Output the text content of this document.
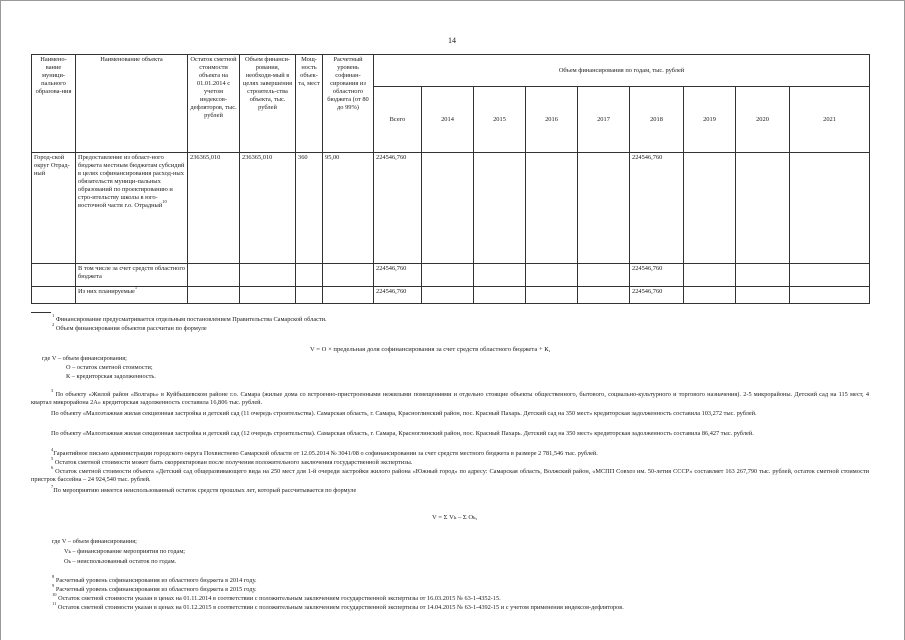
14
Наимено-вание муници-пального образова-ния	Наименование объекта	Остаток сметной стоимости объекта на 01.01.2014 с учетом индексов-дефляторов, тыс. рублей	Объем финанси-рования, необходи-мый в целях завершения строитель-ства объекта, тыс. рублей	Мощ-ность объек-та, мест	Расчетный уровень софинан-сирования из областного бюджета (от 80 до 99%)	Объем финансирования по годам, тыс. рублей								
						Всего	2014	2015	2016	2017	2018	2019	2020	2021
Город-ской округ Отрад-ный	Предоставление из област-ного бюджета местным бюджетам субсидий в целях софинансирования расход-ных обязательств муници-пальных образований по проектированию и стро-ительству школы в юго-восточной части г.о. Отрадный$^{10}$	236365,010	236365,010	360	95,00	224546,760					224546,760			
	В том числе за счет средств областного бюджета					224546,760					224546,760			
	Из них планируемые$^1$					224546,760					224546,760			
$^1$ Финансирование предусматривается отдельным постановлением Правительства Самарской области.
$^2$ Объем финансирования объектов рассчитан по формуле
V = O × предельная доля софинансирования за счет средств областного бюджета + К,
где V – объем финансирования;
О – остаток сметной стоимости;
К – кредиторская задолженность.
$^3$ По объекту «Жилой район «Волгарь» в Куйбышевском районе г.о. Самара (жилые дома со встроенно-пристроенными нежилыми помещениями и отдельно стоящие объекты общественного, бытового, социально-культурного и торгового назначения). 2-5 микрорайоны. Детский сад на 115 мест, 4 квартал микрорайона 2А» кредиторская задолженность составила 16,806 тыс. рублей.
По объекту «Малоэтажная жилая секционная застройка и детский сад (11 очередь строительства). Самарская область, г. Самара, Красноглинский район, пос. Красный Пахарь. Детский сад на 350 мест» кредиторская задолженность составила 103,272 тыс. рублей.
По объекту «Малоэтажная жилая секционная застройка и детский сад (12 очередь строительства). Самарская область, г. Самара, Красноглинский район, пос. Красный Пахарь. Детский сад на 350 мест» кредиторская задолженность составила 86,427 тыс. рублей.
$^4$Гарантийное письмо администрации городского округа Похвистнево Самарской области от 12.05.2014 № 3041/08 о софинансировании за счет средств местного бюджета в размере 2 781,546 тыс. рублей.
$^5$ Остаток сметной стоимости может быть скорректирован после получения положительного заключения государственной экспертизы.
$^6$ Остаток сметной стоимости объекта «Детский сад общеразвивающего вида на 250 мест для 1-й очереди застройки жилого района «Южный город» по адресу: Самарская область, Волжский район, «МСПП Совхоз им. 50-летия СССР» составляет 163 267,790 тыс. рублей, остаток сметной стоимости пристрок бассейна – 24 924,540 тыс. рублей.
$^7$По мероприятию имеется неиспользованный остаток средств прошлых лет, который рассчитывается по формуле
V = Σ Vₖ – Σ Oₖ,
где V – объем финансирования;
Vₖ – финансирование мероприятия по годам;
Oₖ – неиспользованный остаток по годам.
$^8$ Расчетный уровень софинансирования из областного бюджета в 2014 году.
$^9$ Расчетный уровень софинансирования из областного бюджета в 2015 году.
$^{10}$ Остаток сметной стоимости указан в ценах на 01.11.2014 в соответствии с положительным заключением государственной экспертизы от 16.03.2015 № 63-1-4352-15.
$^{11}$ Остаток сметной стоимости указан в ценах на 01.12.2015 в соответствии с положительным заключением государственной экспертизы от 14.04.2015 № 63-1-4392-15 и с учетом применения индексов-дефляторов.
